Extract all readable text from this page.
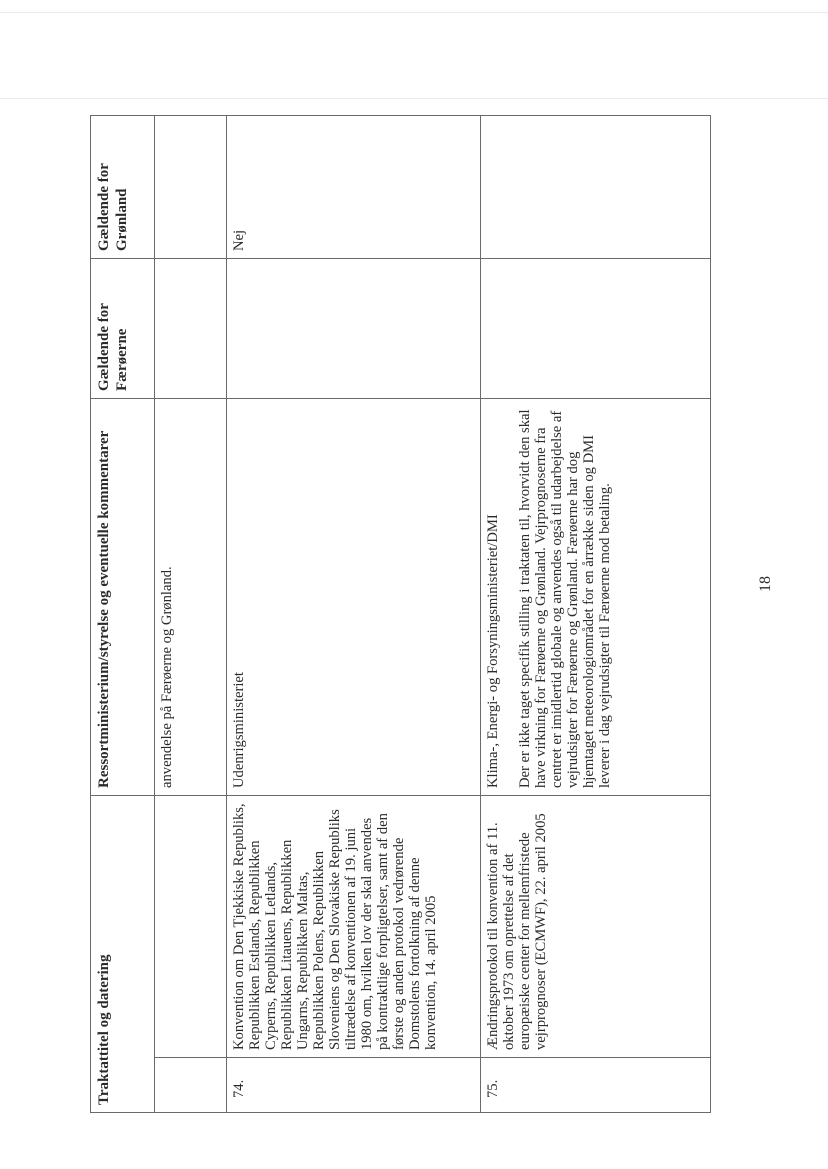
Traktattitel og datering		Ressortministerium/styrelse og eventuelle kommentarer	Gældende for Færøerne	Gældende for Grønland

		anvendelse på Færøerne og Grønland.		

74.	Konvention om Den Tjekkiske Republiks, Republikken Estlands, Republikken Cyperns, Republikken Letlands, Republikken Litauens, Republikken Ungarns, Republikken Maltas, Republikken Polens, Republikken Sloveniens og Den Slovakiske Republiks tiltrædelse af konventionen af 19. juni 1980 om, hvilken lov der skal anvendes på kontraktlige forpligtelser, samt af den første og anden protokol vedrørende Domstolens fortolkning af denne konvention, 14. april 2005	Udenrigsministeriet		Nej
75.	Ændringsprotokol til konvention af 11. oktober 1973 om oprettelse af det europæiske center for mellemfristede vejrprognoser (ECMWF), 22. april 2005	Klima-, Energi- og Forsyningsministeriet/DMI Der er ikke taget specifik stilling i traktaten til, hvorvidt den skal have virkning for Færøerne og Grønland. Vejrprognoserne fra centret er imidlertid globale og anvendes også til udarbejdelse af vejrudsigter for Færøerne og Grønland. Færøerne har dog hjemtaget meteorologiområdet for en årrække siden og DMI leverer i dag vejrudsigter til Færøerne mod betaling.		
			18
